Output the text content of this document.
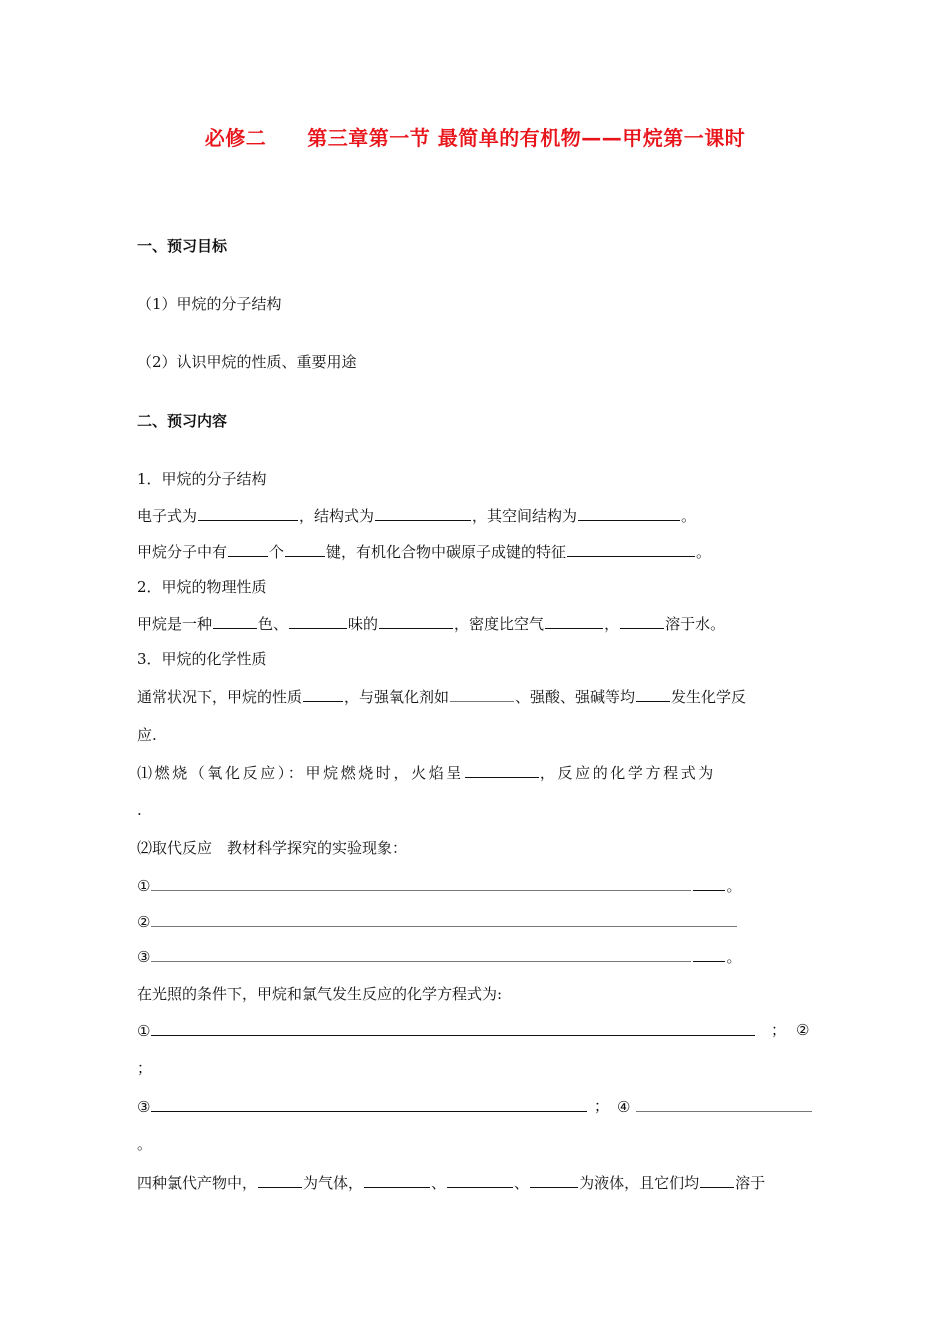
必修二　　第三章第一节 最简单的有机物——甲烷第一课时
一、预习目标
（1）甲烷的分子结构
（2）认识甲烷的性质、重要用途
二、预习内容
1．甲烷的分子结构
电子式为	，结构式为	，其空间结构为	。
甲烷分子中有	个	键，有机化合物中碳原子成键的特征	。
2．甲烷的物理性质
甲烷是一种	色、	味的	，密度比空气	，	溶于水。
3．甲烷的化学性质
通常状况下，甲烷的性质	，与强氧化剂如	、强酸、强碱等均 发生化学反
应.
⑴燃烧（氧化反应）：甲烷燃烧时，火焰呈	，反应的化学方程式为
.
⑵取代反应　教材科学探究的实验现象：
①	。
②
③	。
在光照的条件下，甲烷和氯气发生反应的化学方程式为:
①	； ②
；
③	； ④
。
四种氯代产物中，	为气体，	、	、	为液体，且它们均 溶于
